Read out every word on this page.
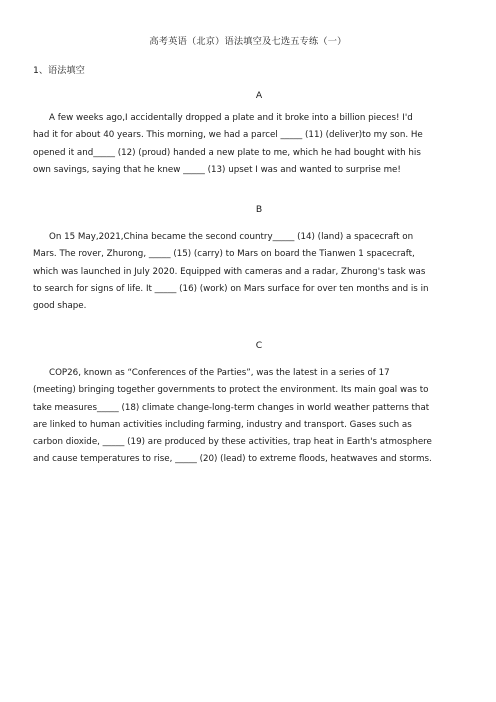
高考英语（北京）语法填空及七选五专练（一）
1、语法填空
A
A few weeks ago,I accidentally dropped a plate and it broke into a billion pieces! I'd
had it for about 40 years. This morning, we had a parcel _____ (11) (deliver)to my son. He
opened it and_____ (12) (proud) handed a new plate to me, which he had bought with his
own savings, saying that he knew _____ (13) upset I was and wanted to surprise me!
B
On 15 May,2021,China became the second country_____ (14) (land) a spacecraft on
Mars. The rover, Zhurong, _____ (15) (carry) to Mars on board the Tianwen 1 spacecraft,
which was launched in July 2020. Equipped with cameras and a radar, Zhurong's task was
to search for signs of life. It _____ (16) (work) on Mars surface for over ten months and is in
good shape.
C
COP26, known as “Conferences of the Parties”, was the latest in a series of 17
(meeting) bringing together governments to protect the environment. Its main goal was to
take measures_____ (18) climate change-long-term changes in world weather patterns that
are linked to human activities including farming, industry and transport. Gases such as
carbon dioxide, _____ (19) are produced by these activities, trap heat in Earth's atmosphere
and cause temperatures to rise, _____ (20) (lead) to extreme floods, heatwaves and storms.
